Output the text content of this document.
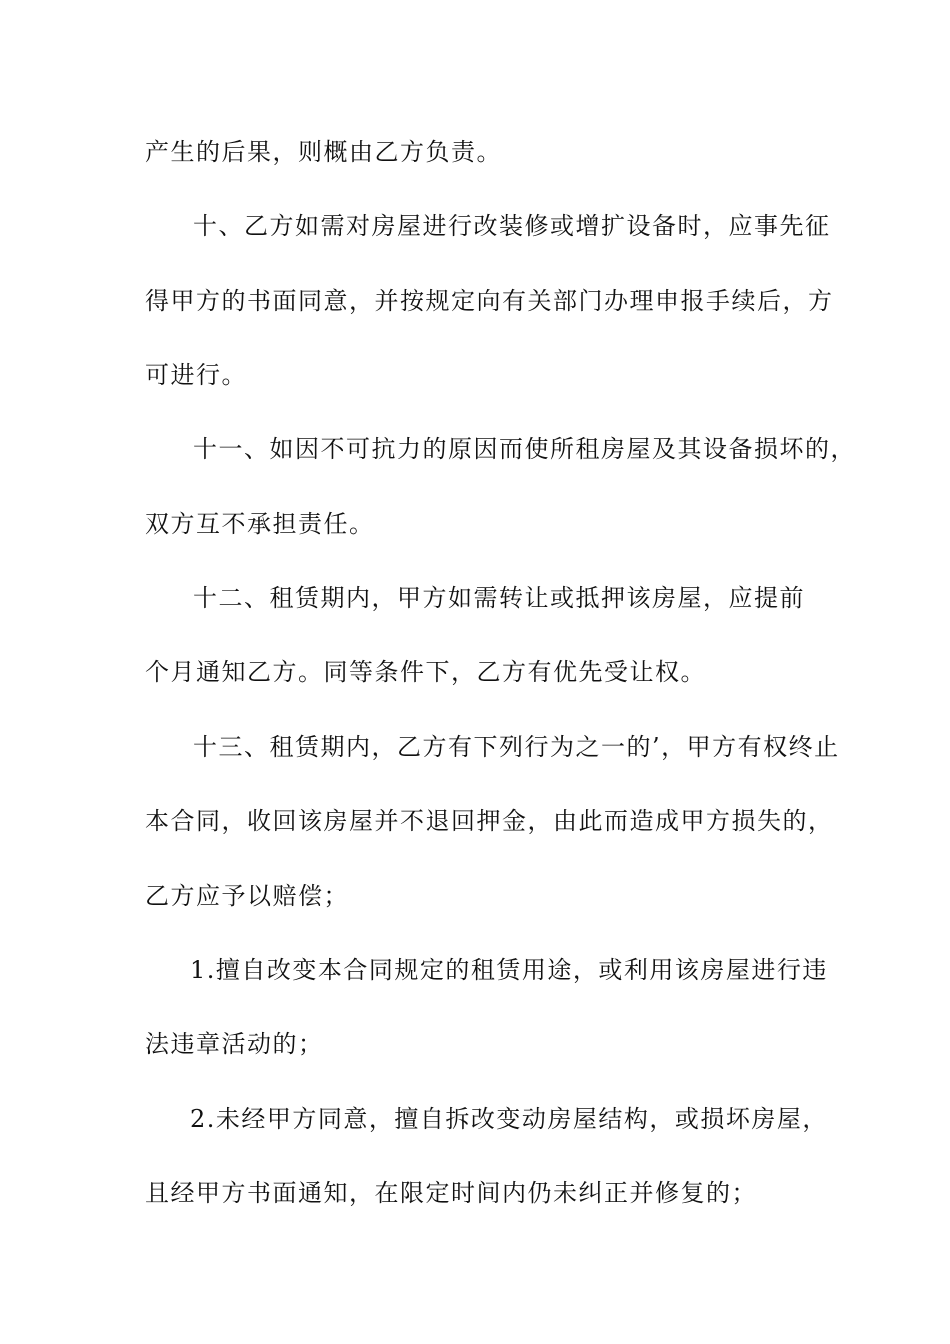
产生的后果，则概由乙方负责。
十、乙方如需对房屋进行改装修或增扩设备时，应事先征
得甲方的书面同意，并按规定向有关部门办理申报手续后，方
可进行。
十一、如因不可抗力的原因而使所租房屋及其设备损坏的，
双方互不承担责任。
十二、租赁期内，甲方如需转让或抵押该房屋，应提前
个月通知乙方。同等条件下，乙方有优先受让权。
十三、租赁期内，乙方有下列行为之一的’，甲方有权终止
本合同，收回该房屋并不退回押金，由此而造成甲方损失的，
乙方应予以赔偿；
1.擅自改变本合同规定的租赁用途，或利用该房屋进行违
法违章活动的；
2.未经甲方同意，擅自拆改变动房屋结构，或损坏房屋，
且经甲方书面通知，在限定时间内仍未纠正并修复的；
